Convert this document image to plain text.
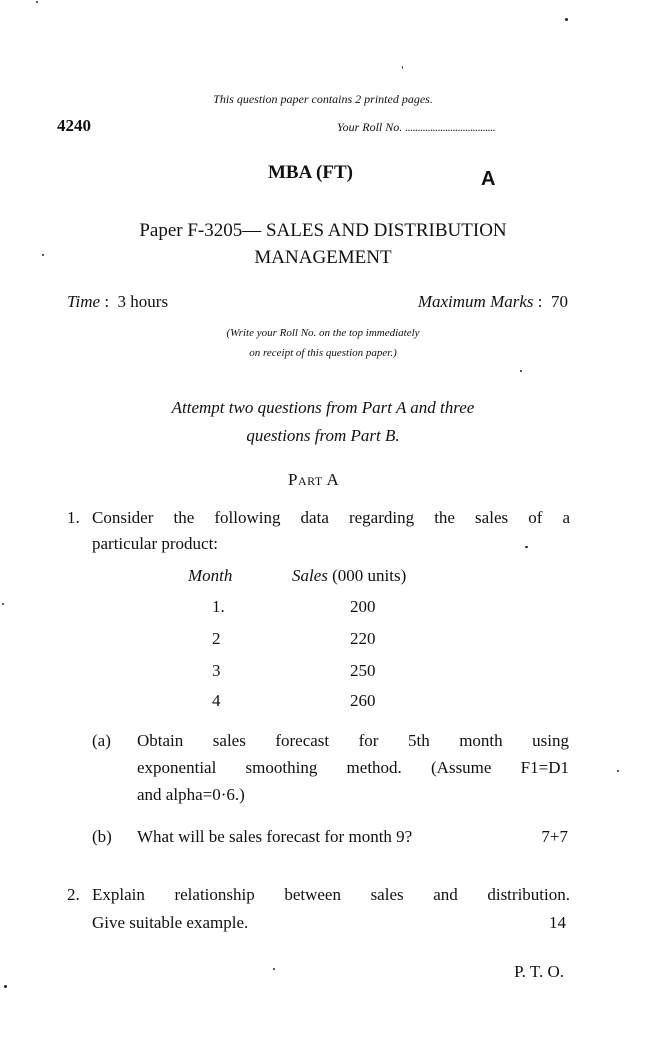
This question paper contains 2 printed pages.
4240	Your Roll No. ....................................
MBA (FT)	A
Paper F-3205— SALES AND DISTRIBUTION
MANAGEMENT
Time :  3 hours	Maximum Marks :  70
(Write your Roll No. on the top immediately
on receipt of this question paper.)
Attempt two questions from Part A and three
questions from Part B.
Part A
1. Consider the following data regarding the sales of a
particular product:
Month	Sales (000 units)
1.	200
2	220
3	250
4	260
(a) Obtain sales forecast for 5th month using
exponential smoothing method. (Assume F1=D1
and alpha=0·6.)
(b) What will be sales forecast for month 9?	7+7
2. Explain relationship between sales and distribution.
Give suitable example.	14
P. T. O.
